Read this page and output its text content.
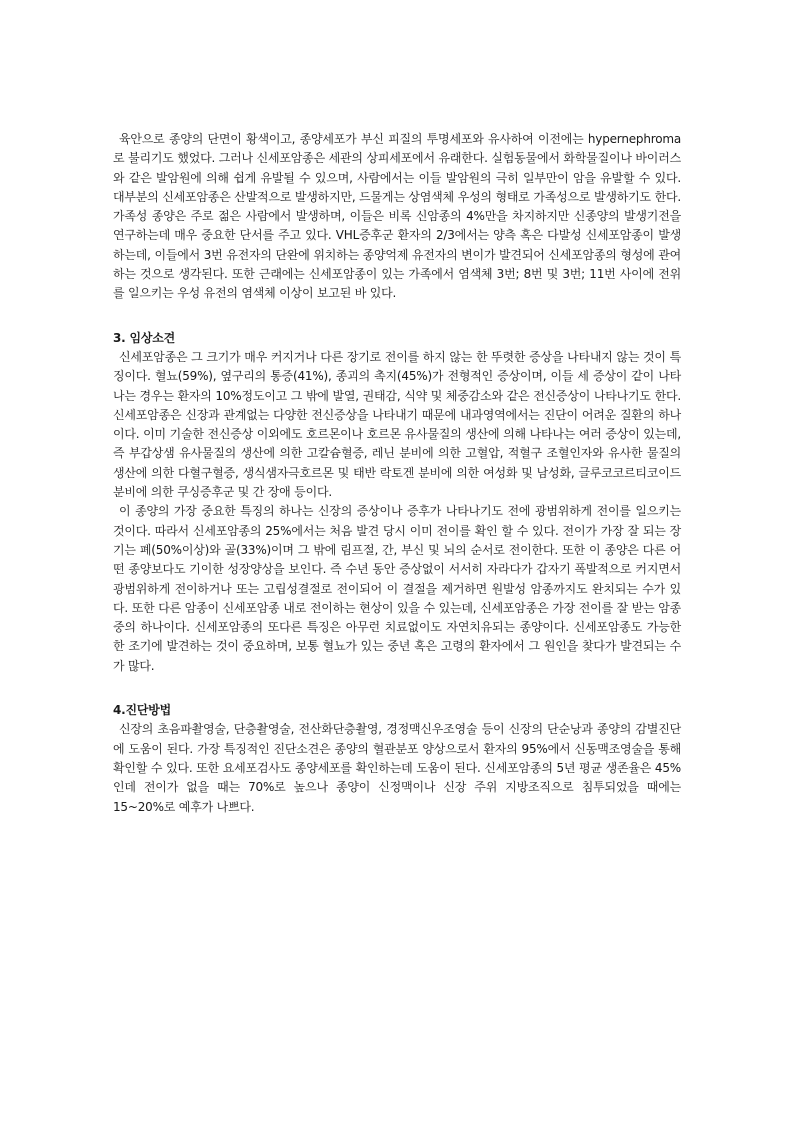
육안으로 종양의 단면이 황색이고, 종양세포가 부신 피질의 투명세포와 유사하여 이전에는 hypernephroma로 불리기도 했었다. 그러나 신세포암종은 세관의 상피세포에서 유래한다. 실험동물에서 화학물질이나 바이러스와 같은 발암원에 의해 쉽게 유발될 수 있으며, 사람에서는 이들 발암원의 극히 일부만이 암을 유발할 수 있다. 대부분의 신세포암종은 산발적으로 발생하지만, 드물게는 상염색체 우성의 형태로 가족성으로 발생하기도 한다. 가족성 종양은 주로 젊은 사람에서 발생하며, 이들은 비록 신암종의 4%만을 차지하지만 신종양의 발생기전을 연구하는데 매우 중요한 단서를 주고 있다. VHL증후군 환자의 2/3에서는 양측 혹은 다발성 신세포암종이 발생하는데, 이들에서 3번 유전자의 단완에 위치하는 종양억제 유전자의 변이가 발견되어 신세포암종의 형성에 관여하는 것으로 생각된다. 또한 근래에는 신세포암종이 있는 가족에서 염색체 3번; 8번 및 3번; 11번 사이에 전위를 일으키는 우성 유전의 염색체 이상이 보고된 바 있다.

3. 임상소견

신세포암종은 그 크기가 매우 커지거나 다른 장기로 전이를 하지 않는 한 뚜렷한 증상을 나타내지 않는 것이 특징이다. 혈뇨(59%), 옆구리의 통증(41%), 종괴의 촉지(45%)가 전형적인 증상이며, 이들 세 증상이 같이 나타나는 경우는 환자의 10%정도이고 그 밖에 발열, 권태감, 식약 및 체중감소와 같은 전신증상이 나타나기도 한다. 신세포암종은 신장과 관계없는 다양한 전신증상을 나타내기 때문에 내과영역에서는 진단이 어려운 질환의 하나이다. 이미 기술한 전신증상 이외에도 호르몬이나 호르몬 유사물질의 생산에 의해 나타나는 여러 증상이 있는데, 즉 부갑상샘 유사물질의 생산에 의한 고칼슘혈증, 레닌 분비에 의한 고혈압, 적혈구 조혈인자와 유사한 물질의 생산에 의한 다혈구혈증, 생식샘자극호르몬 및 태반 락토겐 분비에 의한 여성화 및 남성화, 글루코코르티코이드 분비에 의한 쿠싱증후군 및 간 장애 등이다.

이 종양의 가장 중요한 특징의 하나는 신장의 증상이나 증후가 나타나기도 전에 광범위하게 전이를 일으키는 것이다. 따라서 신세포암종의 25%에서는 처음 발견 당시 이미 전이를 확인 할 수 있다. 전이가 가장 잘 되는 장기는 폐(50%이상)와 골(33%)이며 그 밖에 림프절, 간, 부신 및 뇌의 순서로 전이한다. 또한 이 종양은 다른 어떤 종양보다도 기이한 성장양상을 보인다. 즉 수년 동안 증상없이 서서히 자라다가 갑자기 폭발적으로 커지면서 광범위하게 전이하거나 또는 고립성결절로 전이되어 이 결절을 제거하면 원발성 암종까지도 완치되는 수가 있다. 또한 다른 암종이 신세포암종 내로 전이하는 현상이 있을 수 있는데, 신세포암종은 가장 전이를 잘 받는 암종 중의 하나이다. 신세포암종의 또다른 특징은 아무런 치료없이도 자연치유되는 종양이다. 신세포암종도 가능한 한 조기에 발견하는 것이 중요하며, 보통 혈뇨가 있는 중년 혹은 고령의 환자에서 그 원인을 찾다가 발견되는 수가 많다.

4.진단방법

신장의 초음파촬영술, 단층촬영술, 전산화단층촬영, 경정맥신우조영술 등이 신장의 단순낭과 종양의 감별진단에 도움이 된다. 가장 특징적인 진단소견은 종양의 혈관분포 양상으로서 환자의 95%에서 신동맥조영술을 통해 확인할 수 있다. 또한 요세포검사도 종양세포를 확인하는데 도움이 된다. 신세포암종의 5년 평균 생존율은 45%인데 전이가 없을 때는 70%로 높으나 종양이 신정맥이나 신장 주위 지방조직으로 침투되었을 때에는 15~20%로 예후가 나쁘다.
